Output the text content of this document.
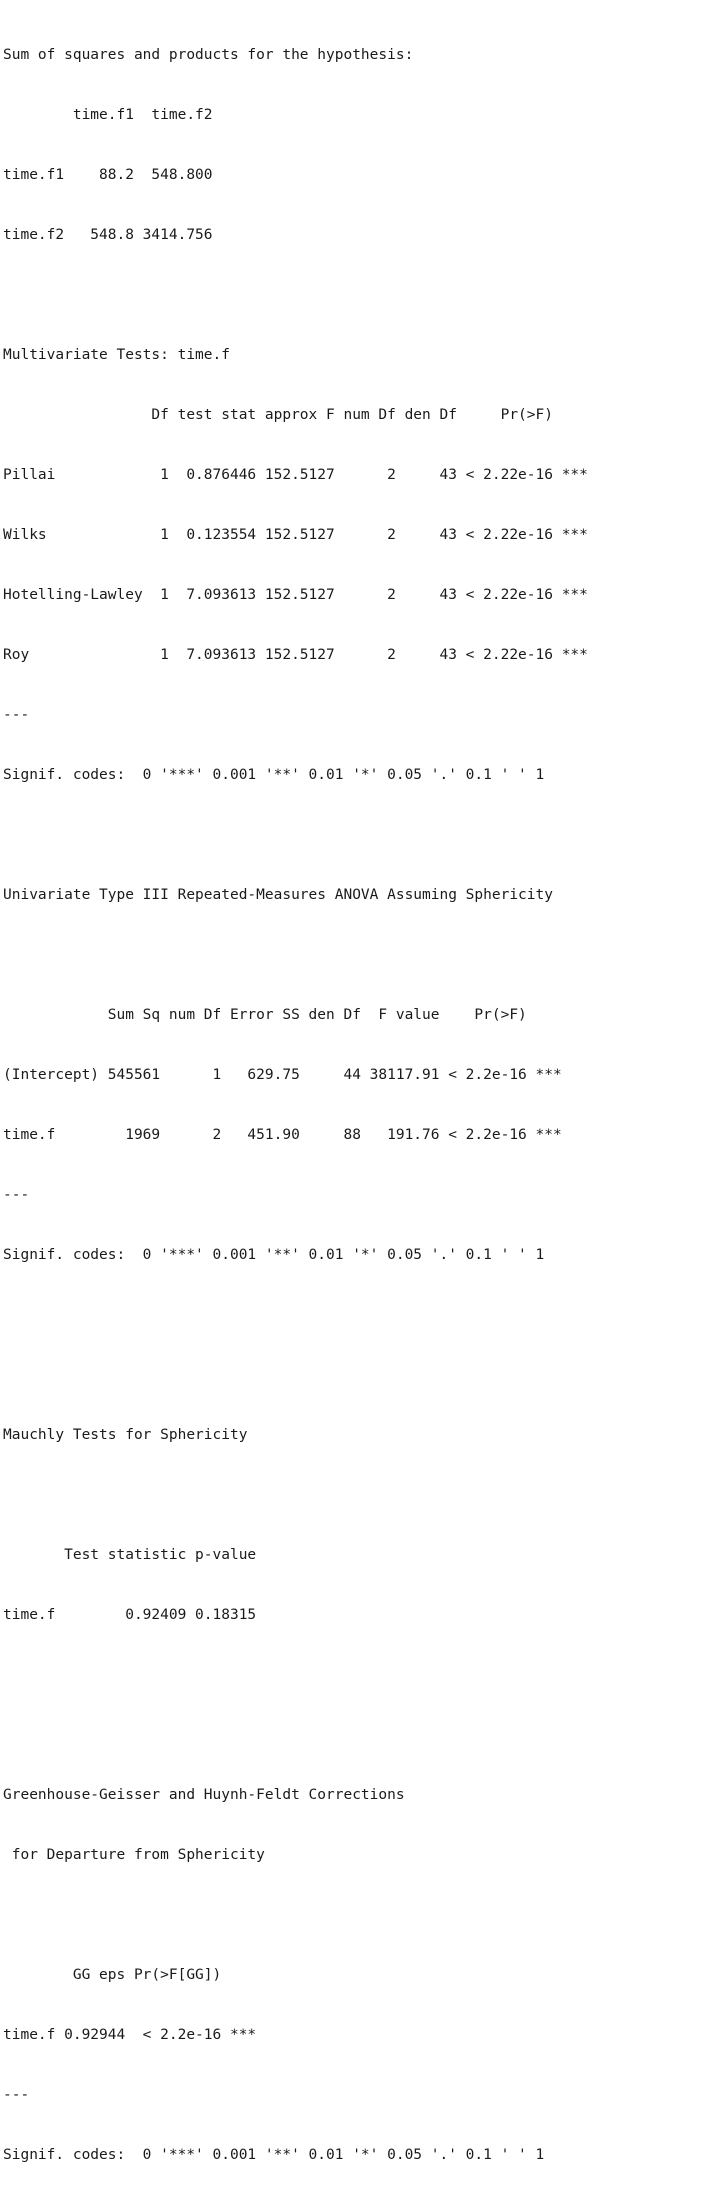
Sum of squares and products for the hypothesis:

time.f1  time.f2

time.f1    88.2  548.800

time.f2   548.8 3414.756

Multivariate Tests: time.f

Df test stat approx F num Df den Df     Pr(>F)

Pillai            1  0.876446 152.5127      2     43 < 2.22e-16 ***

Wilks             1  0.123554 152.5127      2     43 < 2.22e-16 ***

Hotelling-Lawley  1  7.093613 152.5127      2     43 < 2.22e-16 ***

Roy               1  7.093613 152.5127      2     43 < 2.22e-16 ***

---

Signif. codes:  0 '***' 0.001 '**' 0.01 '*' 0.05 '.' 0.1 ' ' 1

Univariate Type III Repeated-Measures ANOVA Assuming Sphericity

Sum Sq num Df Error SS den Df  F value    Pr(>F)

(Intercept) 545561      1   629.75     44 38117.91 < 2.2e-16 ***

time.f        1969      2   451.90     88   191.76 < 2.2e-16 ***

---

Signif. codes:  0 '***' 0.001 '**' 0.01 '*' 0.05 '.' 0.1 ' ' 1

Mauchly Tests for Sphericity

Test statistic p-value

time.f        0.92409 0.18315

Greenhouse-Geisser and Huynh-Feldt Corrections

for Departure from Sphericity

GG eps Pr(>F[GG])

time.f 0.92944  < 2.2e-16 ***

---

Signif. codes:  0 '***' 0.001 '**' 0.01 '*' 0.05 '.' 0.1 ' ' 1
